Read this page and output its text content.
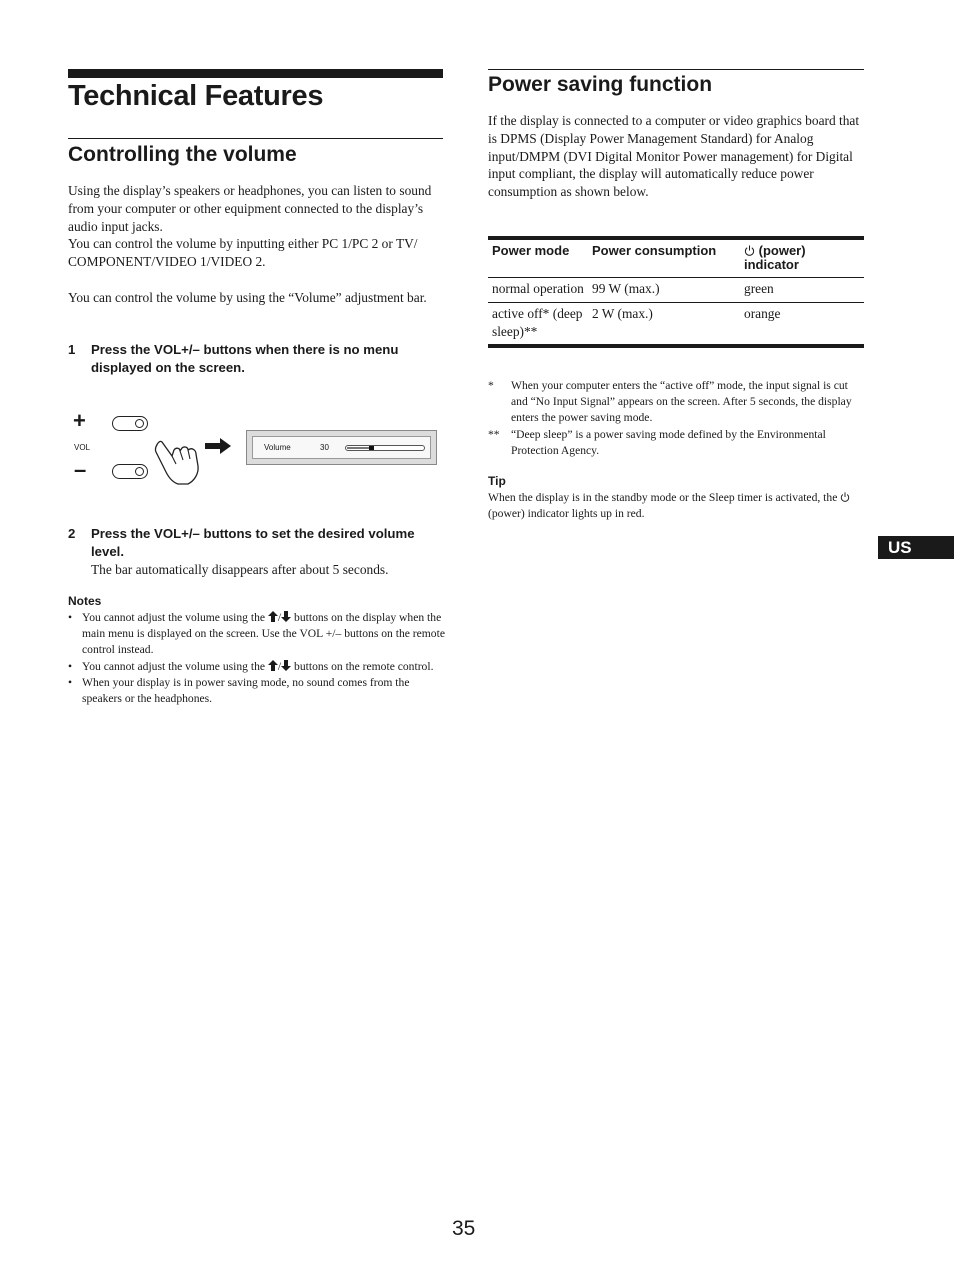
Technical Features
Controlling the volume
Using the display’s speakers or headphones, you can listen to sound from your computer or other equipment connected to the display’s audio input jacks.
You can control the volume by inputting either PC 1/PC 2 or TV/ COMPONENT/VIDEO 1/VIDEO 2.
You can control the volume by using the “Volume” adjustment bar.
1 Press the VOL+/– buttons when there is no menu displayed on the screen.
+
VOL
–
Volume	30
2 Press the VOL+/– buttons to set the desired volume level.
The bar automatically disappears after about 5 seconds.
Notes
• You cannot adjust the volume using the / buttons on the display when the main menu is displayed on the screen. Use the VOL +/– buttons on the remote control instead.
• You cannot adjust the volume using the / buttons on the remote control.
• When your display is in power saving mode, no sound comes from the speakers or the headphones.
Power saving function
If the display is connected to a computer or video graphics board that is DPMS (Display Power Management Standard) for Analog input/DMPM (DVI Digital Monitor Power management) for Digital input compliant, the display will automatically reduce power consumption as shown below.
Power mode	Power consumption	(power) indicator
normal operation	99 W (max.)	green
active off* (deep sleep)**	2 W (max.)	orange
* When your computer enters the “active off” mode, the input signal is cut and “No Input Signal” appears on the screen. After 5 seconds, the display enters the power saving mode.
** “Deep sleep” is a power saving mode defined by the Environmental Protection Agency.
Tip
When the display is in the standby mode or the Sleep timer is activated, the  (power) indicator lights up in red.
US
35
